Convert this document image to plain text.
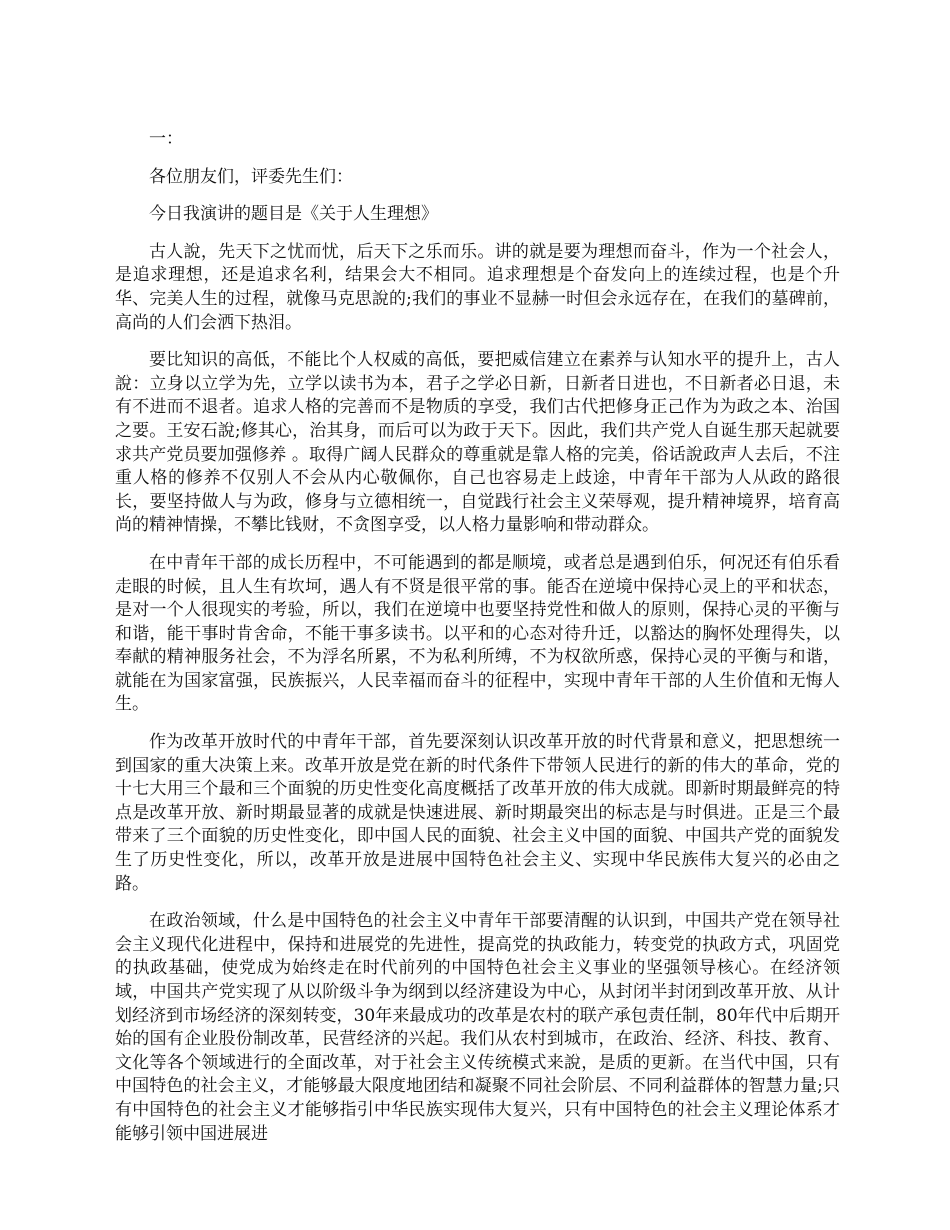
一：

各位朋友们，评委先生们：

今日我演讲的题目是《关于人生理想》

古人說，先天下之忧而忧，后天下之乐而乐。讲的就是要为理想而奋斗，作为一个社会人，是追求理想，还是追求名利，结果会大不相同。追求理想是个奋发向上的连续过程，也是个升华、完美人生的过程，就像马克思說的;我们的事业不显赫一时但会永远存在，在我们的墓碑前，高尚的人们会洒下热泪。

要比知识的高低，不能比个人权威的高低，要把威信建立在素养与认知水平的提升上，古人說：立身以立学为先，立学以读书为本，君子之学必日新，日新者日进也，不日新者必日退，未有不进而不退者。追求人格的完善而不是物质的享受，我们古代把修身正己作为为政之本、治国之要。王安石說;修其心，治其身，而后可以为政于天下。因此，我们共产党人自诞生那天起就要求共产党员要加强修养 。取得广阔人民群众的尊重就是靠人格的完美，俗话說政声人去后，不注重人格的修养不仅别人不会从内心敬佩你，自己也容易走上歧途，中青年干部为人从政的路很长，要坚持做人与为政，修身与立德相统一，自觉践行社会主义荣辱观，提升精神境界，培育高尚的精神情操，不攀比钱财，不贪图享受，以人格力量影响和带动群众。

在中青年干部的成长历程中，不可能遇到的都是顺境，或者总是遇到伯乐，何况还有伯乐看走眼的时候，且人生有坎坷，遇人有不贤是很平常的事。能否在逆境中保持心灵上的平和状态，是对一个人很现实的考验，所以，我们在逆境中也要坚持党性和做人的原则，保持心灵的平衡与和谐，能干事时肯舍命，不能干事多读书。以平和的心态对待升迁，以豁达的胸怀处理得失，以奉献的精神服务社会，不为浮名所累，不为私利所缚，不为权欲所惑，保持心灵的平衡与和谐，就能在为国家富强，民族振兴，人民幸福而奋斗的征程中，实现中青年干部的人生价值和无悔人生。

作为改革开放时代的中青年干部，首先要深刻认识改革开放的时代背景和意义，把思想统一到国家的重大决策上来。改革开放是党在新的时代条件下带领人民进行的新的伟大的革命，党的十七大用三个最和三个面貌的历史性变化高度概括了改革开放的伟大成就。即新时期最鲜亮的特点是改革开放、新时期最显著的成就是快速进展、新时期最突出的标志是与时俱进。正是三个最带来了三个面貌的历史性变化，即中国人民的面貌、社会主义中国的面貌、中国共产党的面貌发生了历史性变化，所以，改革开放是进展中国特色社会主义、实现中华民族伟大复兴的必由之路。

在政治领域，什么是中国特色的社会主义中青年干部要清醒的认识到，中国共产党在领导社会主义现代化进程中，保持和进展党的先进性，提高党的执政能力，转变党的执政方式，巩固党的执政基础，使党成为始终走在时代前列的中国特色社会主义事业的坚强领导核心。在经济领域，中国共产党实现了从以阶级斗争为纲到以经济建设为中心，从封闭半封闭到改革开放、从计划经济到市场经济的深刻转变，30年来最成功的改革是农村的联产承包责任制，80年代中后期开始的国有企业股份制改革，民营经济的兴起。我们从农村到城市，在政治、经济、科技、教育、文化等各个领域进行的全面改革，对于社会主义传统模式来說，是质的更新。在当代中国，只有中国特色的社会主义，才能够最大限度地团结和凝聚不同社会阶层、不同利益群体的智慧力量;只有中国特色的社会主义才能够指引中华民族实现伟大复兴，只有中国特色的社会主义理论体系才能够引领中国进展进
